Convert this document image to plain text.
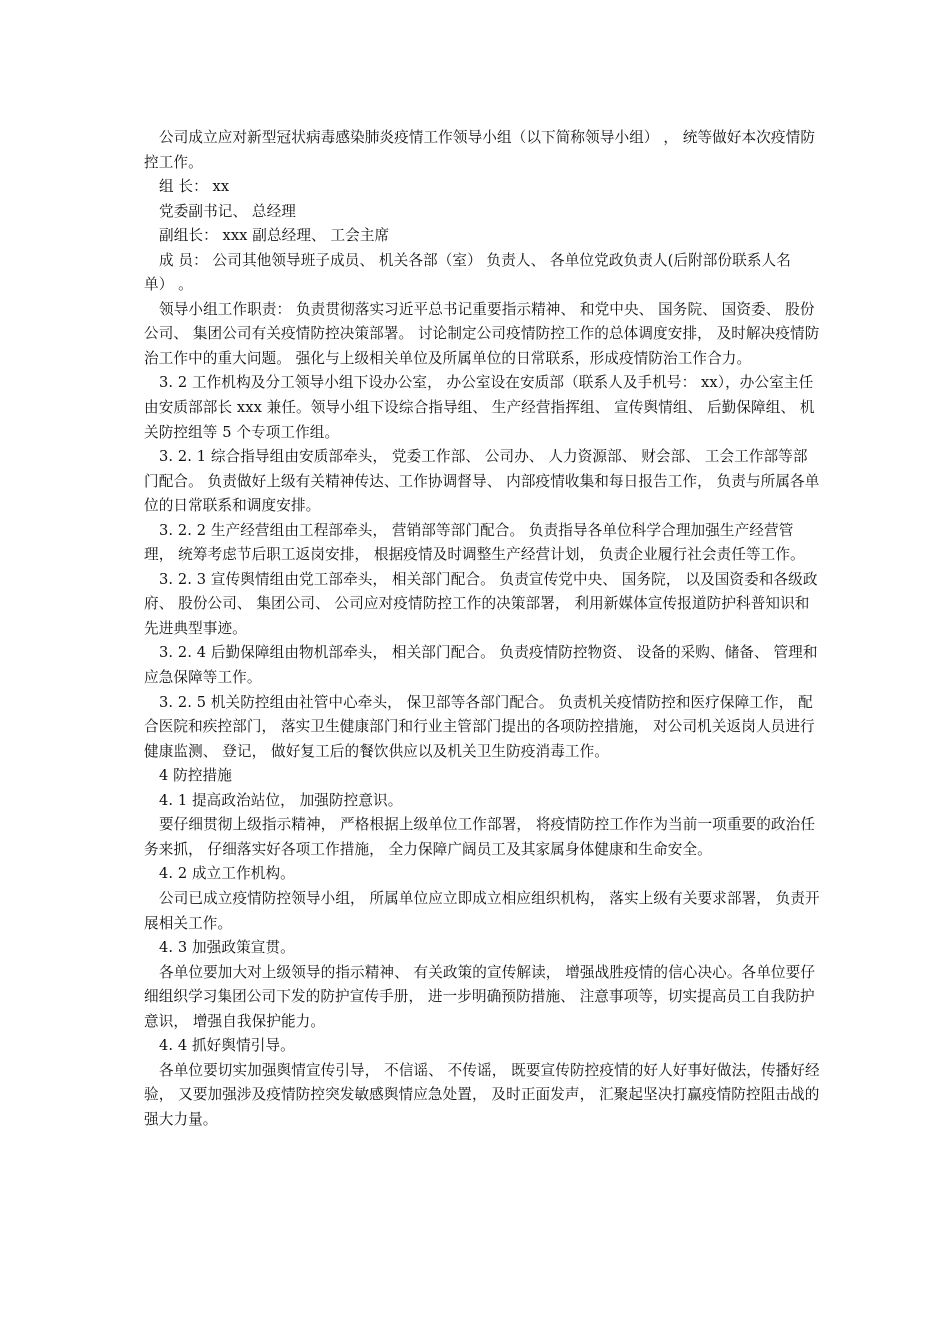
公司成立应对新型冠状病毒感染肺炎疫情工作领导小组（以下简称领导小组） ， 统等做好本次疫情防控工作。

组 长： xx

党委副书记、 总经理

副组长： xxx 副总经理、 工会主席

成 员： 公司其他领导班子成员、 机关各部（室） 负责人、 各单位党政负责人(后附部份联系人名单） 。

领导小组工作职责： 负责贯彻落实习近平总书记重要指示精神、 和党中央、 国务院、 国资委、 股份公司、 集团公司有关疫情防控决策部署。 讨论制定公司疫情防控工作的总体调度安排， 及时解决疫情防治工作中的重大问题。 强化与上级相关单位及所属单位的日常联系，形成疫情防治工作合力。

3. 2 工作机构及分工领导小组下设办公室， 办公室设在安质部（联系人及手机号： xx），办公室主任由安质部部长 xxx 兼任。领导小组下设综合指导组、 生产经营指挥组、 宣传舆情组、 后勤保障组、 机关防控组等 5 个专项工作组。

3. 2. 1 综合指导组由安质部牵头， 党委工作部、 公司办、 人力资源部、 财会部、 工会工作部等部门配合。 负责做好上级有关精神传达、工作协调督导、 内部疫情收集和每日报告工作， 负责与所属各单位的日常联系和调度安排。

3. 2. 2 生产经营组由工程部牵头， 营销部等部门配合。 负责指导各单位科学合理加强生产经营管理， 统筹考虑节后职工返岗安排， 根据疫情及时调整生产经营计划， 负责企业履行社会责任等工作。

3. 2. 3 宣传舆情组由党工部牵头， 相关部门配合。 负责宣传党中央、 国务院， 以及国资委和各级政府、 股份公司、 集团公司、 公司应对疫情防控工作的决策部署， 利用新媒体宣传报道防护科普知识和先进典型事迹。

3. 2. 4 后勤保障组由物机部牵头， 相关部门配合。 负责疫情防控物资、 设备的采购、储备、 管理和应急保障等工作。

3. 2. 5 机关防控组由社管中心牵头， 保卫部等各部门配合。 负责机关疫情防控和医疗保障工作， 配合医院和疾控部门， 落实卫生健康部门和行业主管部门提出的各项防控措施， 对公司机关返岗人员进行健康监测、 登记， 做好复工后的餐饮供应以及机关卫生防疫消毒工作。

4 防控措施

4. 1 提高政治站位， 加强防控意识。

要仔细贯彻上级指示精神， 严格根据上级单位工作部署， 将疫情防控工作作为当前一项重要的政治任务来抓， 仔细落实好各项工作措施， 全力保障广阔员工及其家属身体健康和生命安全。

4. 2 成立工作机构。

公司已成立疫情防控领导小组， 所属单位应立即成立相应组织机构， 落实上级有关要求部署， 负责开展相关工作。

4. 3 加强政策宣贯。

各单位要加大对上级领导的指示精神、 有关政策的宣传解读， 增强战胜疫情的信心决心。各单位要仔细组织学习集团公司下发的防护宣传手册， 进一步明确预防措施、 注意事项等，切实提高员工自我防护意识， 增强自我保护能力。

4. 4 抓好舆情引导。

各单位要切实加强舆情宣传引导， 不信谣、 不传谣， 既要宣传防控疫情的好人好事好做法，传播好经验， 又要加强涉及疫情防控突发敏感舆情应急处置， 及时正面发声， 汇聚起坚决打赢疫情防控阻击战的强大力量。
